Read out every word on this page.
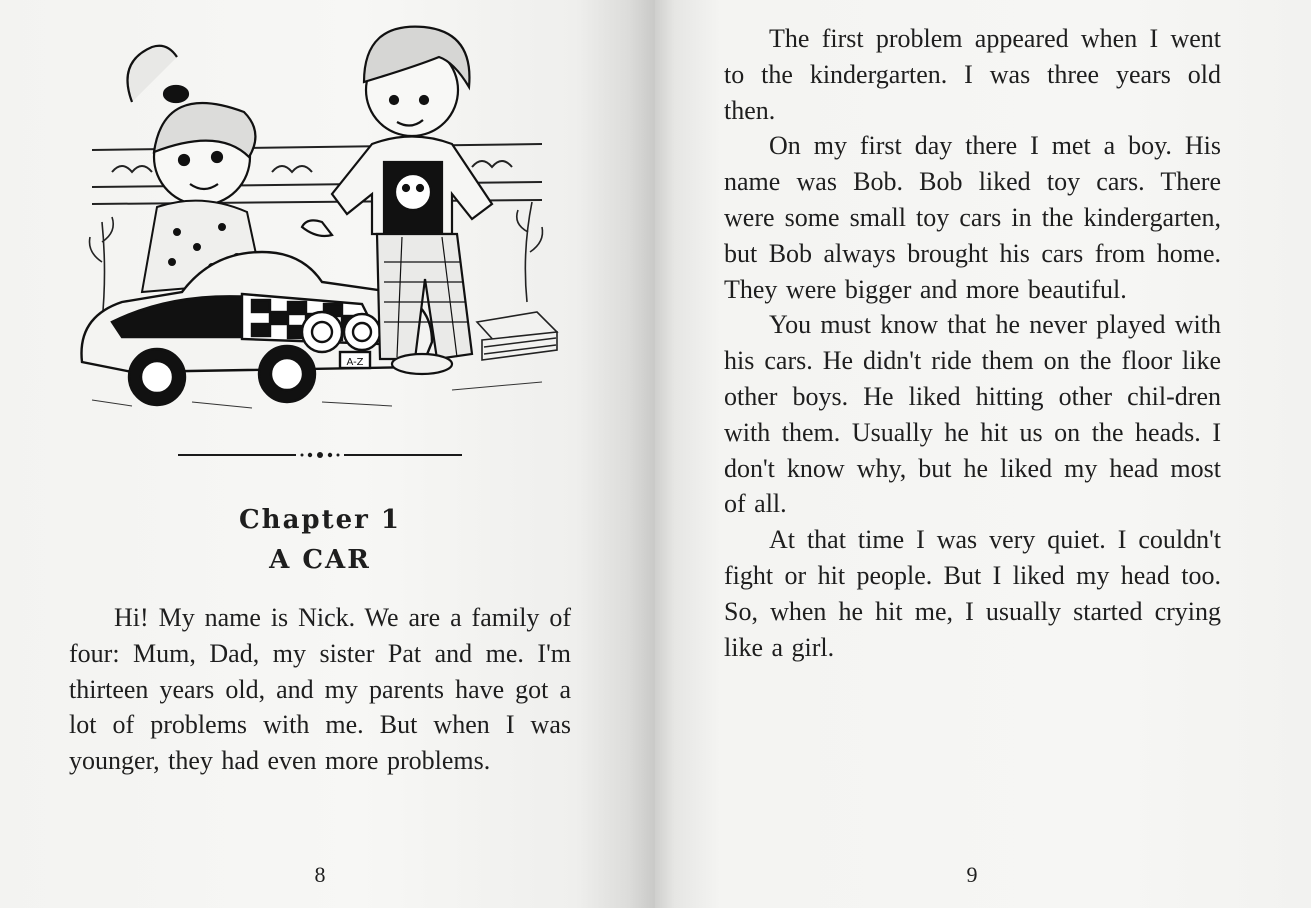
A-Z
Chapter 1
A CAR

Hi! My name is Nick. We are a family of four: Mum, Dad, my sister Pat and me. I'm thirteen years old, and my parents have got a lot of problems with me. But when I was younger, they had even more problems.

8

The first problem appeared when I went to the kindergarten. I was three years old then.

On my first day there I met a boy. His name was Bob. Bob liked toy cars. There were some small toy cars in the kindergarten, but Bob always brought his cars from home. They were bigger and more beautiful.

You must know that he never played with his cars. He didn't ride them on the floor like other boys. He liked hitting other chil-dren with them. Usually he hit us on the heads. I don't know why, but he liked my head most of all.

At that time I was very quiet. I couldn't fight or hit people. But I liked my head too. So, when he hit me, I usually started crying like a girl.

9
